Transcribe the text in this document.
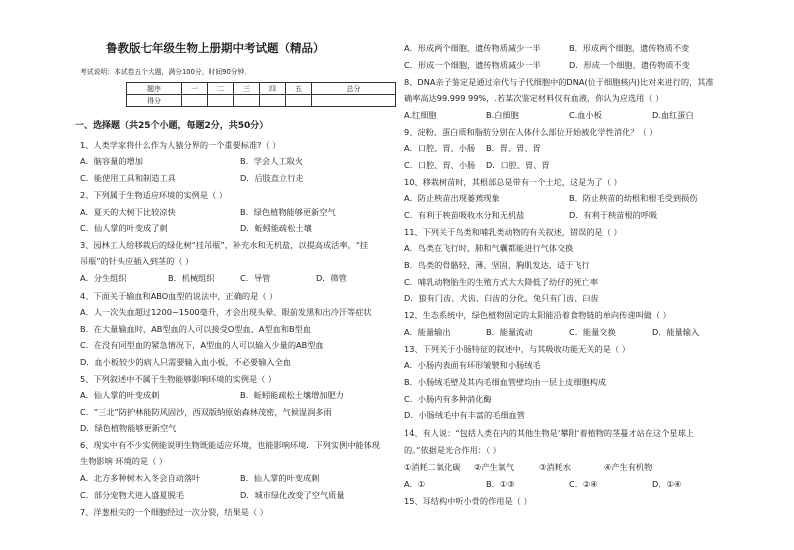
鲁教版七年级生物上册期中考试题（精品）
考试说明：本试卷五个大题，满分100分，时间90分钟．
题序	一	二	三	四	五	总分
得分						
一、选择题（共25个小题，每题2分，共50分）
1、人类学家将什么作为人猿分界的一个重要标准?（ ）
A．脑容量的增加	B．学会人工取火
C．能使用工具和制造工具	D．后肢直立行走
2、下列属于生物适应环境的实例是（ ）
A．夏天的大树下比较凉快	B．绿色植物能够更新空气
C．仙人掌的叶变成了刺	D．蚯蚓能疏松土壤
3、园林工人给移栽后的绿化树“挂吊瓶”，补充水和无机盐，以提高成活率，“挂
吊瓶”的针头应插入到茎的（ ）
A．分生组织	B．机械组织	C．导管	D．筛管
4、下面关于输血和ABO血型的说法中，正确的是（ ）
A．人一次失血超过1200~1500毫升，才会出现头晕、眼前发黑和出冷汗等症状
B．在大量输血时，AB型血的人可以接受O型血、A型血和B型血
C．在没有同型血的紧急情况下，A型血的人可以输入少量的AB型血
D．血小板较少的病人只需要输入血小板，不必要输入全血
5、下列叙述中不属于生物能够影响环境的实例是（ ）
A．仙人掌的叶变成刺	B．蚯蚓能疏松土壤增加肥力
C．“三北”防护林能防风固沙，西双版纳原始森林茂密，气候湿润多雨
D．绿色植物能够更新空气
6、现实中有不少实例能说明生物既能适应环境，也能影响环境．下列实例中能体现
生物影响 环境的是（ ）
A．北方多种树木入冬会自动落叶	B．仙人掌的叶变成刺
C．部分宠物犬进入盛夏脱毛	D．城市绿化改变了空气质量
7、洋葱根尖的一个细胞经过一次分裂，结果是（ ）
A．形成两个细胞，遗传物质减少一半	B．形成两个细胞，遗传物质不变
C．形成一个细胞，遗传物质减少一半	D．形成一个细胞，遗传物质不变
8、DNA亲子鉴定是通过亲代与子代细胞中的DNA(位于细胞核内)比对来进行的，其准
确率高达99.999 99%，.若某次鉴定材料仅有血液，你认为应选用（ ）
A.红细胞	B.白细胞	C.血小板	D.血红蛋白
9、淀粉、蛋白质和脂肪分别在人体什么部位开始被化学性消化？（ ）
A．口腔、胃、小肠 B．胃、胃、胃
C．口腔、胃、小肠 D．口腔、胃、胃
10、移栽树苗时，其根部总是带有一个土坨，这是为了（ ）
A．防止秧苗出现萎蔫现象	B．防止秧苗的幼根和根毛受到损伤
C．有利于秧苗吸收水分和无机盐	D．有利于秧苗根的呼吸
11、下列关于鸟类和哺乳类动物的有关叙述，错误的是（ ）
A．鸟类在飞行时，肺和气囊都能进行气体交换
B．鸟类的骨骼轻、薄、坚固，胸肌发达，适于飞行
C．哺乳动物胎生的生殖方式大大降低了幼仔的死亡率
D．狼有门齿、犬齿、臼齿的分化，兔只有门齿、臼齿
12、生态系统中，绿色植物固定的太阳能沿着食物链的单向传递叫做（ ）
A．能量输出	B．能量流动	C．能量交换	D．能量输入
13、下列关于小肠特征的叙述中，与其吸收功能无关的是（ ）
A．小肠内表面有环形皱襞和小肠绒毛
B．小肠绒毛壁及其内毛细血管壁均由一层上皮细胞构成
C．小肠内有多种消化酶
D．小肠绒毛中有丰富的毛细血管
14、有人说：“包括人类在内的其他生物是‘攀附’着植物的茎蔓才站在这个星球上
的。”依据是光合作用：（ ）
①消耗二氧化碳 ②产生氧气	③消耗水	④产生有机物
A．①	B．①③	C．②④	D．①④
15、耳结构中听小骨的作用是（ ）
